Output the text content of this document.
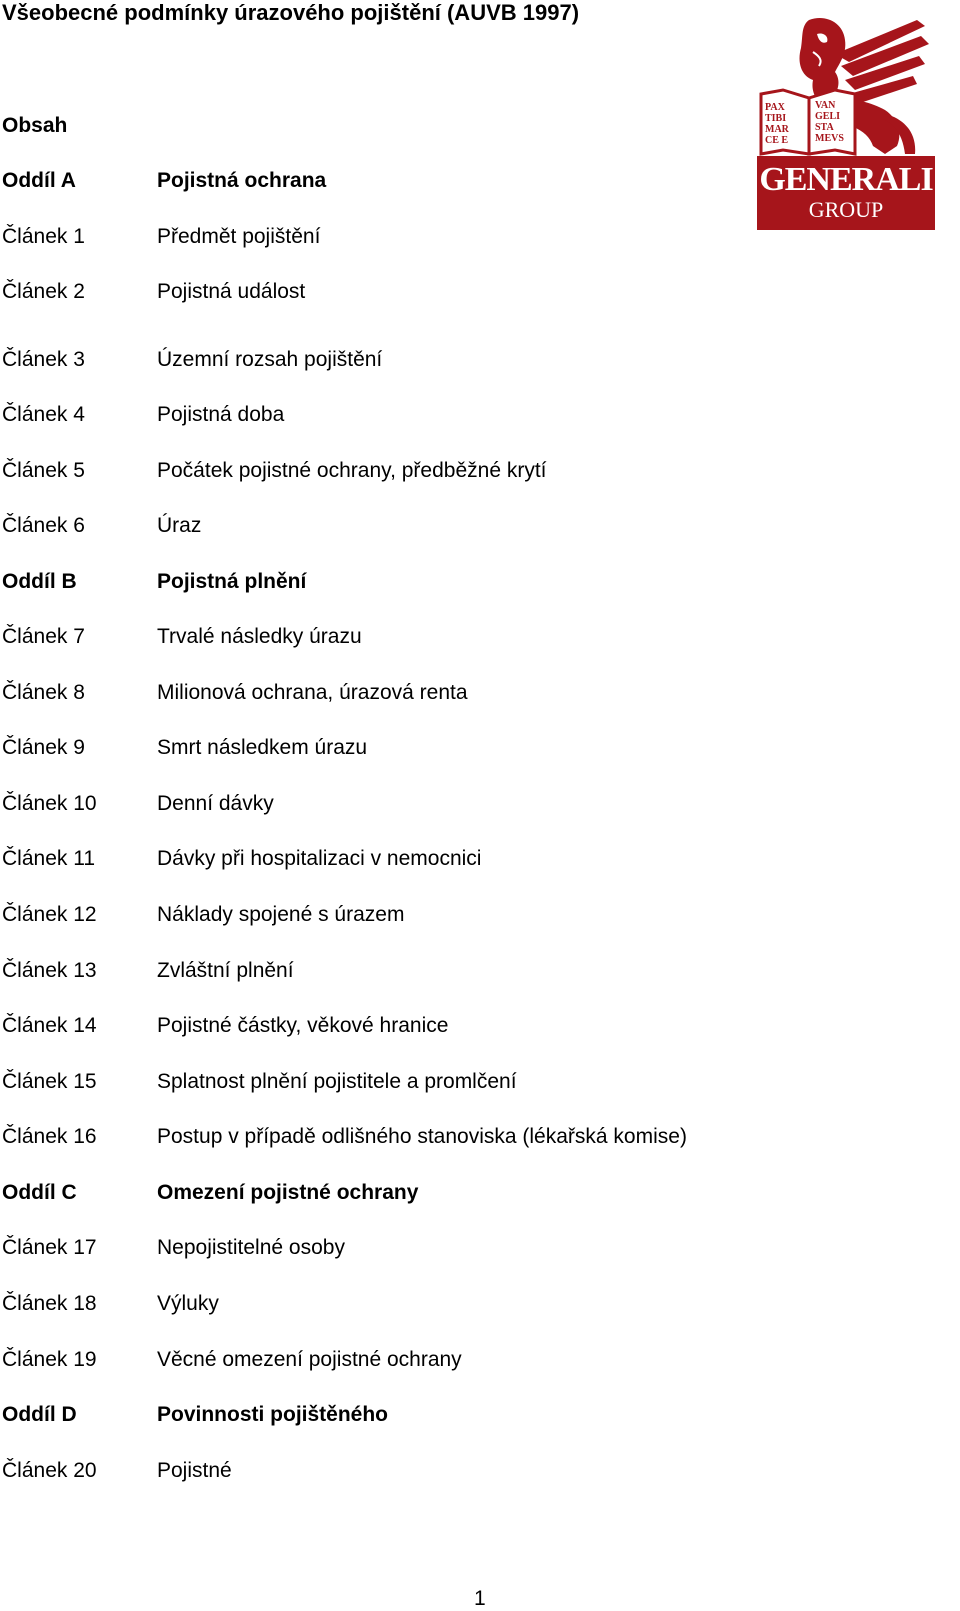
Všeobecné podmínky úrazového pojištění (AUVB 1997)
PAX
TIBI
MAR
CE E
VAN
GELI
STA
MEVS
GENERALI
GROUP
Obsah
Oddíl A	Pojistná ochrana
Článek 1	Předmět pojištění
Článek 2	Pojistná událost
Článek 3	Územní rozsah pojištění
Článek 4	Pojistná doba
Článek 5	Počátek pojistné ochrany, předběžné krytí
Článek 6	Úraz
Oddíl B	Pojistná plnění
Článek 7	Trvalé následky úrazu
Článek 8	Milionová ochrana, úrazová renta
Článek 9	Smrt následkem úrazu
Článek 10	Denní dávky
Článek 11	Dávky při hospitalizaci v nemocnici
Článek 12	Náklady spojené s úrazem
Článek 13	Zvláštní plnění
Článek 14	Pojistné částky, věkové hranice
Článek 15	Splatnost plnění pojistitele a promlčení
Článek 16	Postup v případě odlišného stanoviska (lékařská komise)
Oddíl C	Omezení pojistné ochrany
Článek 17	Nepojistitelné osoby
Článek 18	Výluky
Článek 19	Věcné omezení pojistné ochrany
Oddíl D	Povinnosti pojištěného
Článek 20	Pojistné
1
